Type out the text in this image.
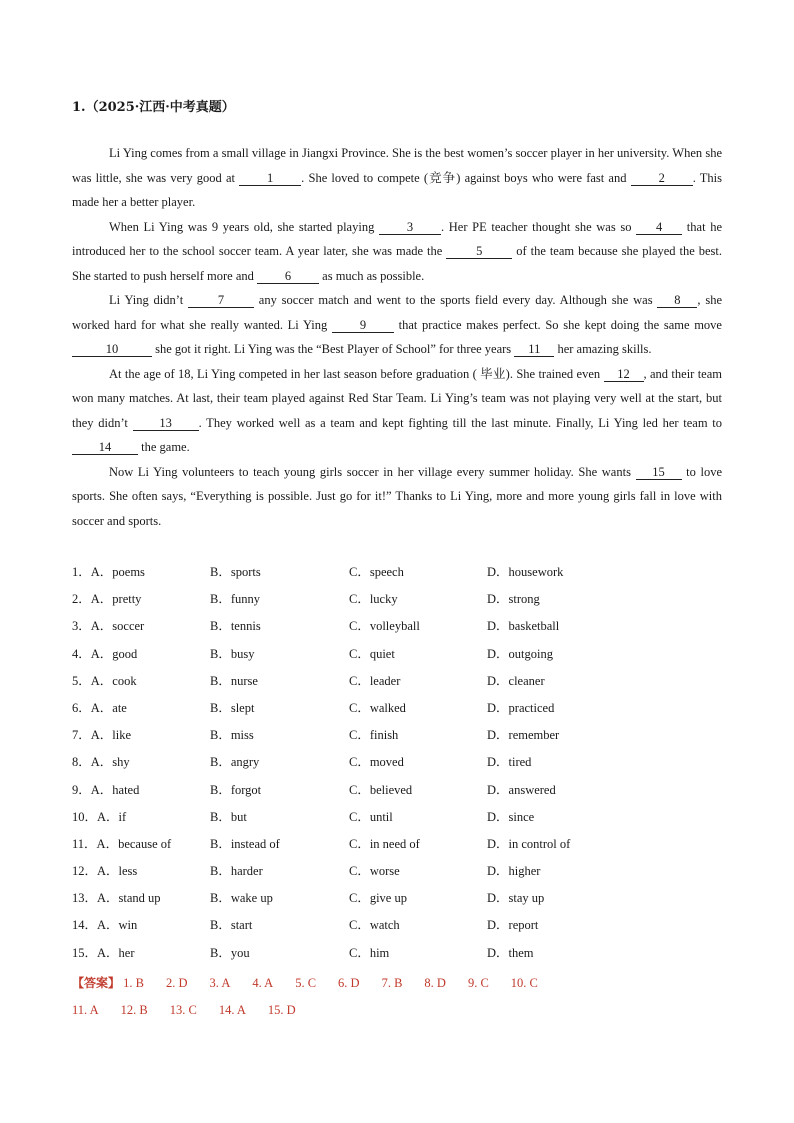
1.（2025·江西·中考真题）

Li Ying comes from a small village in Jiangxi Province. She is the best women’s soccer player in her university. When she was little, she was very good at 1 . She loved to compete (竞争) against boys who were fast and 2 . This made her a better player.

When Li Ying was 9 years old, she started playing 3 . Her PE teacher thought she was so 4 that he introduced her to the school soccer team. A year later, she was made the 5 of the team because she played the best. She started to push herself more and 6 as much as possible.

Li Ying didn’t 7 any soccer match and went to the sports field every day. Although she was 8 , she worked hard for what she really wanted. Li Ying 9 that practice makes perfect. So she kept doing the same move 10	she got it right. Li Ying was the “Best Player of School” for three years 11 her amazing skills.

At the age of 18, Li Ying competed in her last season before graduation ( 毕业). She trained even 12 , and their team won many matches. At last, their team played against Red Star Team. Li Ying’s team was not playing very well at the start, but they didn’t 13 . They worked well as a team and kept fighting till the last minute. Finally, Li Ying led her team to 14 the game.

Now Li Ying volunteers to teach young girls soccer in her village every summer holiday. She wants 15 to love sports. She often says, “Everything is possible. Just go for it!” Thanks to Li Ying, more and more young girls fall in love with soccer and sports.

1．A．poems	B．sports	C．speech	D．housework
2．A．pretty	B．funny	C．lucky	D．strong
3．A．soccer	B．tennis	C．volleyball	D．basketball
4．A．good	B．busy	C．quiet	D．outgoing
5．A．cook	B．nurse	C．leader	D．cleaner
6．A．ate	B．slept	C．walked	D．practiced
7．A．like	B．miss	C．finish	D．remember
8．A．shy	B．angry	C．moved	D．tired
9．A．hated	B．forgot	C．believed	D．answered
10．A．if	B．but	C．until	D．since
11．A．because of	B．instead of	C．in need of	D．in control of
12．A．less	B．harder	C．worse	D．higher
13．A．stand up	B．wake up	C．give up	D．stay up
14．A．win	B．start	C．watch	D．report
15．A．her	B．you	C．him	D．them
【答案】 1. B 2. D 3. A 4. A 5. C 6. D 7. B 8. D 9. C 10. C
11. A 12. B 13. C 14. A 15. D
